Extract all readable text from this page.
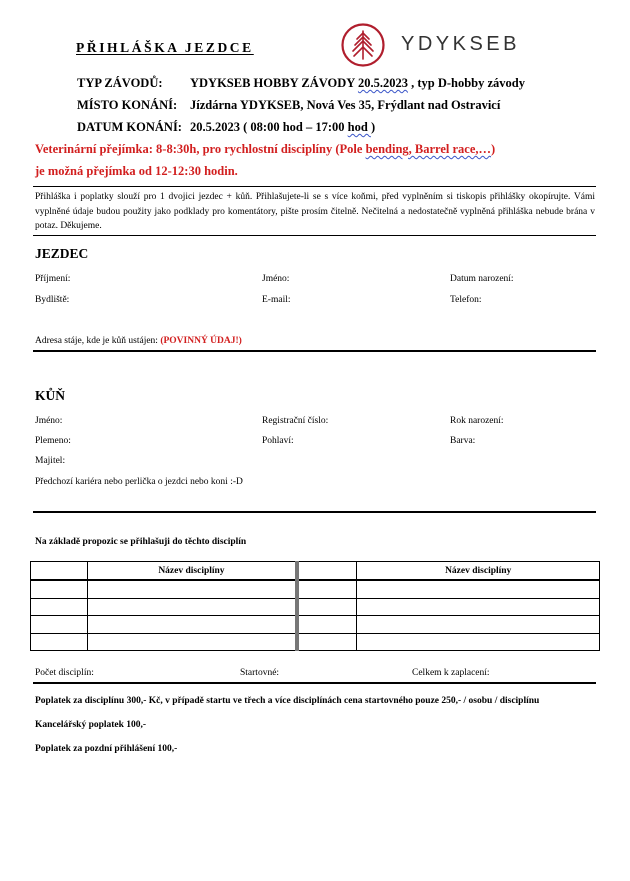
PŘIHLÁŠKA JEZDCE	YDYKSEB
TYP ZÁVODŮ: YDYKSEB HOBBY ZÁVODY 20.5.2023 , typ D-hobby závody
MÍSTO KONÁNÍ: Jízdárna YDYKSEB, Nová Ves 35, Frýdlant nad Ostravicí
DATUM KONÁNÍ: 20.5.2023 ( 08:00 hod – 17:00 hod )
Veterinární přejímka: 8-8:30h, pro rychlostní disciplíny (Pole bending, Barrel race,…)
je možná přejímka od 12-12:30 hodin.
Přihláška i poplatky slouží pro 1 dvojici jezdec + kůň. Přihlašujete-li se s více koňmi, před vyplněním si tiskopis přihlášky okopírujte. Vámi vyplněné údaje budou použity jako podklady pro komentátory, pište prosím čitelně. Nečitelná a nedostatečně vyplněná přihláška nebude brána v potaz. Děkujeme.
JEZDEC
Příjmení:	Jméno:	Datum narození:
Bydliště:	E-mail:	Telefon:
Adresa stáje, kde je kůň ustájen: (POVINNÝ ÚDAJ!)
KŮŇ
Jméno:	Registrační číslo:	Rok narození:
Plemeno:	Pohlaví:	Barva:
Majitel:
Předchozí kariéra nebo perlička o jezdci nebo koni :-D
Na základě propozic se přihlašuji do těchto disciplín
	Název disciplíny		Název disciplíny

Počet disciplín:	Startovné:	Celkem k zaplacení:
Poplatek za disciplínu 300,- Kč, v případě startu ve třech a více disciplínách cena startovného pouze 250,- / osobu / disciplínu
Kancelářský poplatek 100,-
Poplatek za pozdní přihlášení 100,-
